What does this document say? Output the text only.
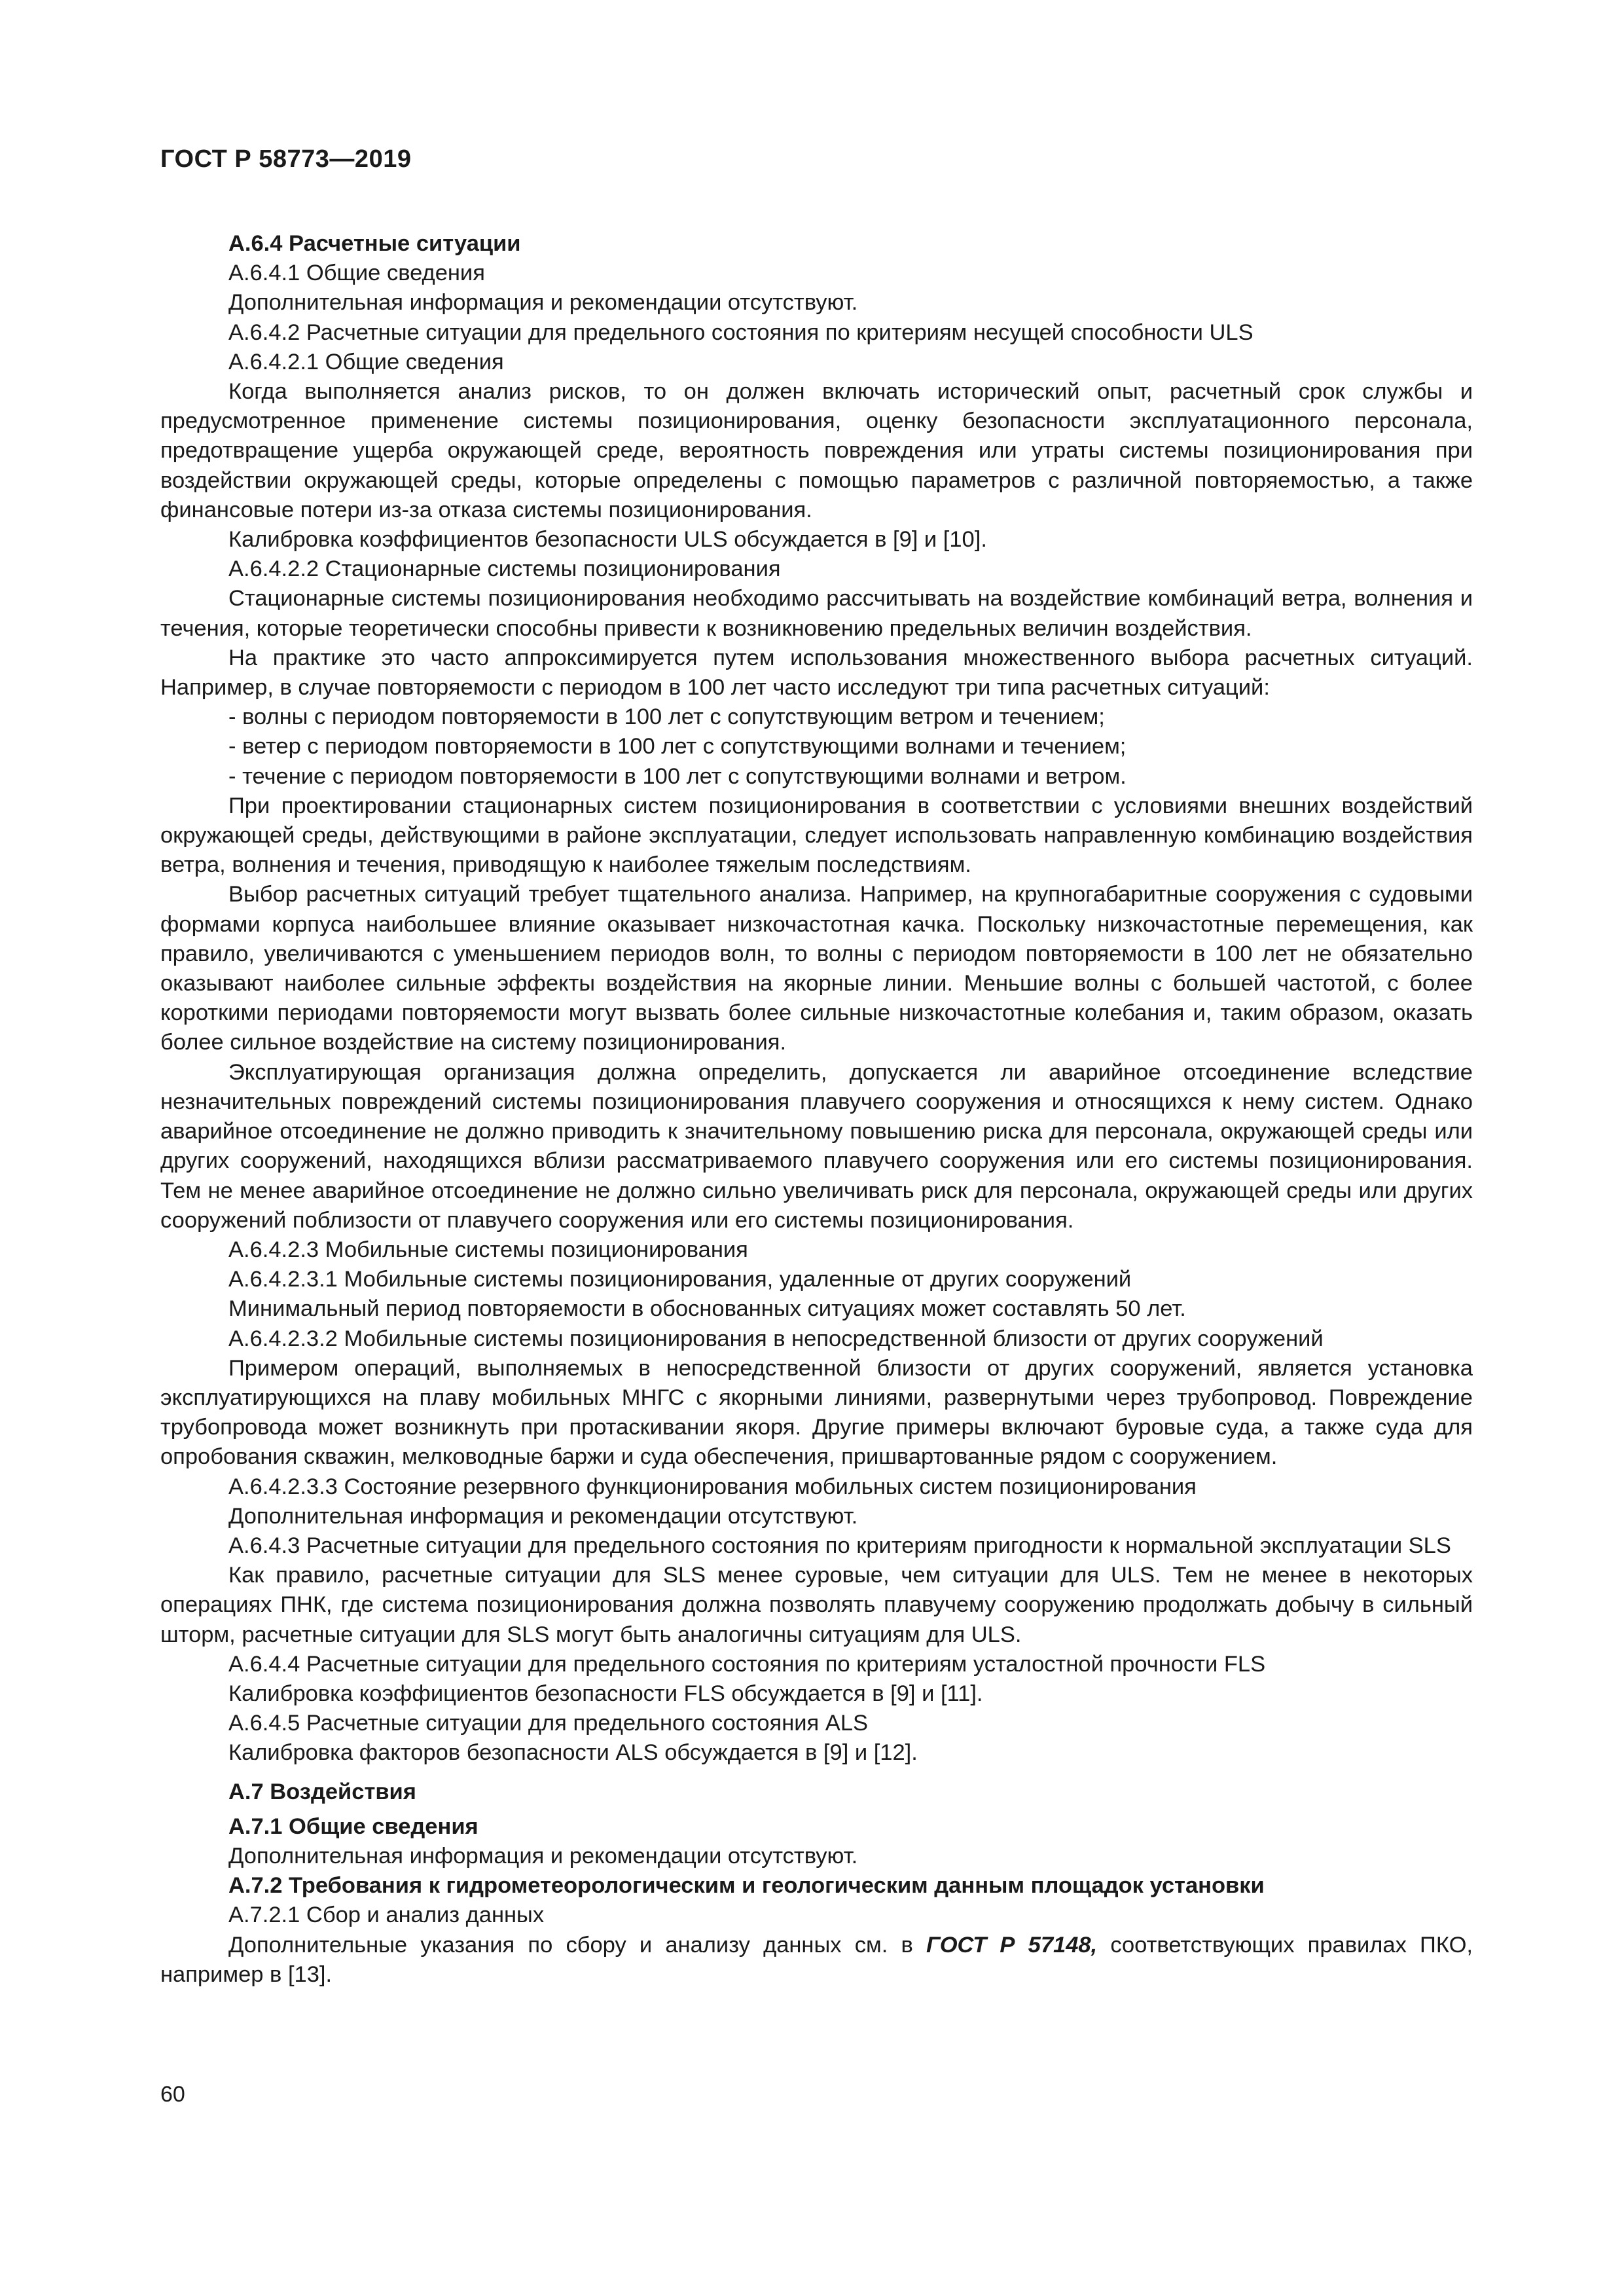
ГОСТ Р 58773—2019

А.6.4 Расчетные ситуации

А.6.4.1 Общие сведения

Дополнительная информация и рекомендации отсутствуют.

А.6.4.2 Расчетные ситуации для предельного состояния по критериям несущей способности ULS

А.6.4.2.1 Общие сведения

Когда выполняется анализ рисков, то он должен включать исторический опыт, расчетный срок службы и предусмотренное применение системы позиционирования, оценку безопасности эксплуатационного персонала, предотвращение ущерба окружающей среде, вероятность повреждения или утраты системы позиционирования при воздействии окружающей среды, которые определены с помощью параметров с различной повторяемостью, а также финансовые потери из-за отказа системы позиционирования.

Калибровка коэффициентов безопасности ULS обсуждается в [9] и [10].

А.6.4.2.2 Стационарные системы позиционирования

Стационарные системы позиционирования необходимо рассчитывать на воздействие комбинаций ветра, волнения и течения, которые теоретически способны привести к возникновению предельных величин воздействия.

На практике это часто аппроксимируется путем использования множественного выбора расчетных ситуаций. Например, в случае повторяемости с периодом в 100 лет часто исследуют три типа расчетных ситуаций:

- волны с периодом повторяемости в 100 лет с сопутствующим ветром и течением;

- ветер с периодом повторяемости в 100 лет с сопутствующими волнами и течением;

- течение с периодом повторяемости в 100 лет с сопутствующими волнами и ветром.

При проектировании стационарных систем позиционирования в соответствии с условиями внешних воздействий окружающей среды, действующими в районе эксплуатации, следует использовать направленную комбинацию воздействия ветра, волнения и течения, приводящую к наиболее тяжелым последствиям.

Выбор расчетных ситуаций требует тщательного анализа. Например, на крупногабаритные сооружения с судовыми формами корпуса наибольшее влияние оказывает низкочастотная качка. Поскольку низкочастотные перемещения, как правило, увеличиваются с уменьшением периодов волн, то волны с периодом повторяемости в 100 лет не обязательно оказывают наиболее сильные эффекты воздействия на якорные линии. Меньшие волны с большей частотой, с более короткими периодами повторяемости могут вызвать более сильные низкочастотные колебания и, таким образом, оказать более сильное воздействие на систему позиционирования.

Эксплуатирующая организация должна определить, допускается ли аварийное отсоединение вследствие незначительных повреждений системы позиционирования плавучего сооружения и относящихся к нему систем. Однако аварийное отсоединение не должно приводить к значительному повышению риска для персонала, окружающей среды или других сооружений, находящихся вблизи рассматриваемого плавучего сооружения или его системы позиционирования. Тем не менее аварийное отсоединение не должно сильно увеличивать риск для персонала, окружающей среды или других сооружений поблизости от плавучего сооружения или его системы позиционирования.

А.6.4.2.3 Мобильные системы позиционирования

А.6.4.2.3.1 Мобильные системы позиционирования, удаленные от других сооружений

Минимальный период повторяемости в обоснованных ситуациях может составлять 50 лет.

А.6.4.2.3.2 Мобильные системы позиционирования в непосредственной близости от других сооружений

Примером операций, выполняемых в непосредственной близости от других сооружений, является установка эксплуатирующихся на плаву мобильных МНГС с якорными линиями, развернутыми через трубопровод. Повреждение трубопровода может возникнуть при протаскивании якоря. Другие примеры включают буровые суда, а также суда для опробования скважин, мелководные баржи и суда обеспечения, пришвартованные рядом с сооружением.

А.6.4.2.3.3 Состояние резервного функционирования мобильных систем позиционирования

Дополнительная информация и рекомендации отсутствуют.

А.6.4.3 Расчетные ситуации для предельного состояния по критериям пригодности к нормальной эксплуатации SLS

Как правило, расчетные ситуации для SLS менее суровые, чем ситуации для ULS. Тем не менее в некоторых операциях ПНК, где система позиционирования должна позволять плавучему сооружению продолжать добычу в сильный шторм, расчетные ситуации для SLS могут быть аналогичны ситуациям для ULS.

А.6.4.4 Расчетные ситуации для предельного состояния по критериям усталостной прочности FLS

Калибровка коэффициентов безопасности FLS обсуждается в [9] и [11].

А.6.4.5 Расчетные ситуации для предельного состояния ALS

Калибровка факторов безопасности ALS обсуждается в [9] и [12].

А.7 Воздействия

А.7.1 Общие сведения

Дополнительная информация и рекомендации отсутствуют.

А.7.2 Требования к гидрометеорологическим и геологическим данным площадок установки

А.7.2.1 Сбор и анализ данных

Дополнительные указания по сбору и анализу данных см. в ГОСТ Р 57148, соответствующих правилах ПКО, например в [13].

60
